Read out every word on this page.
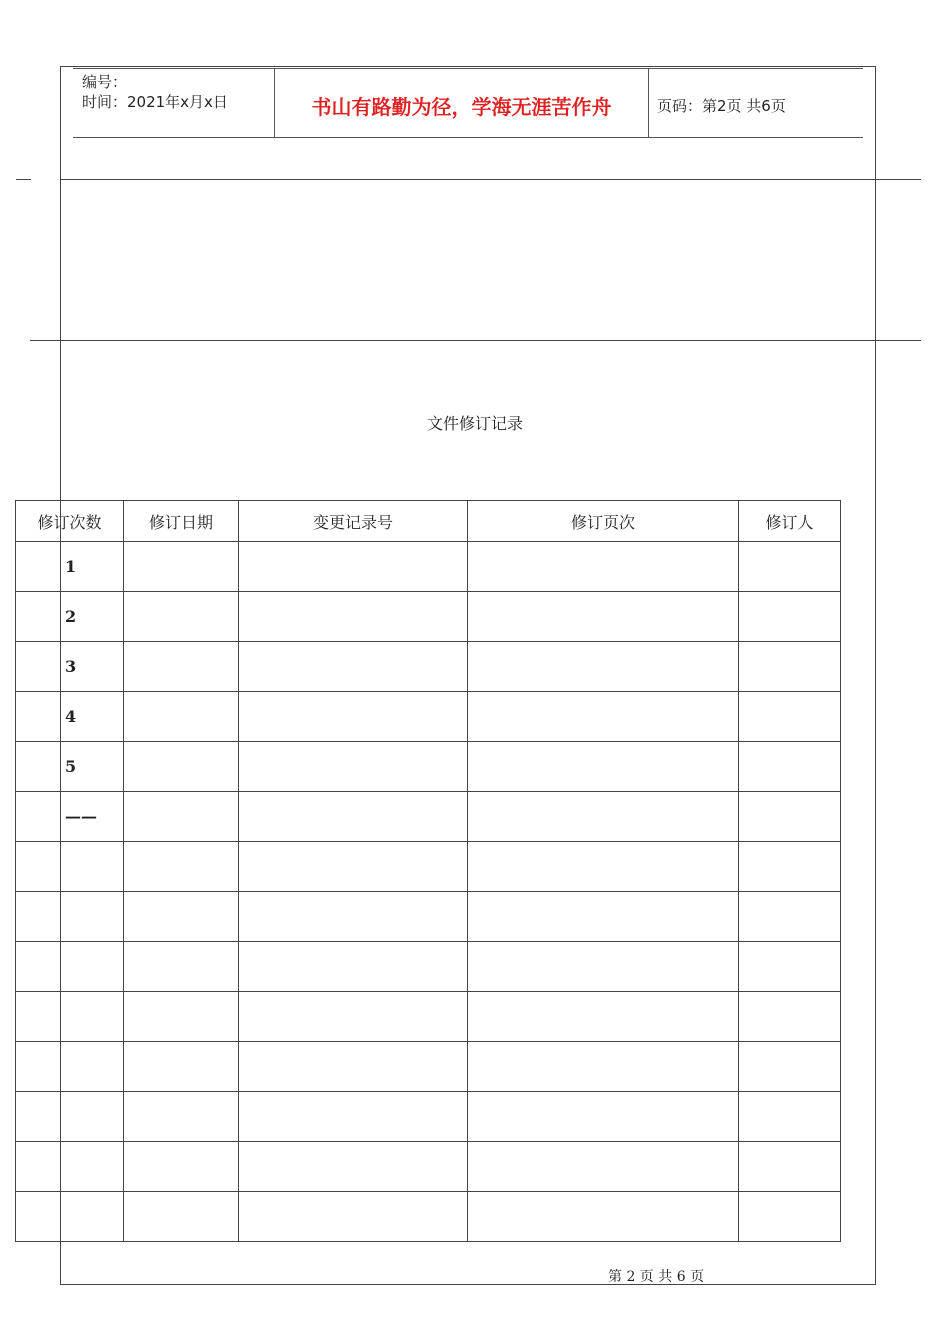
编号：
时间：2021年x月x日	书山有路勤为径，学海无涯苦作舟	页码：第2页 共6页
文件修订记录
修订次数	修订日期	变更记录号	修订页次	修订人
1				
2				
3				
4				
5				
——				

第 2 页 共 6 页
